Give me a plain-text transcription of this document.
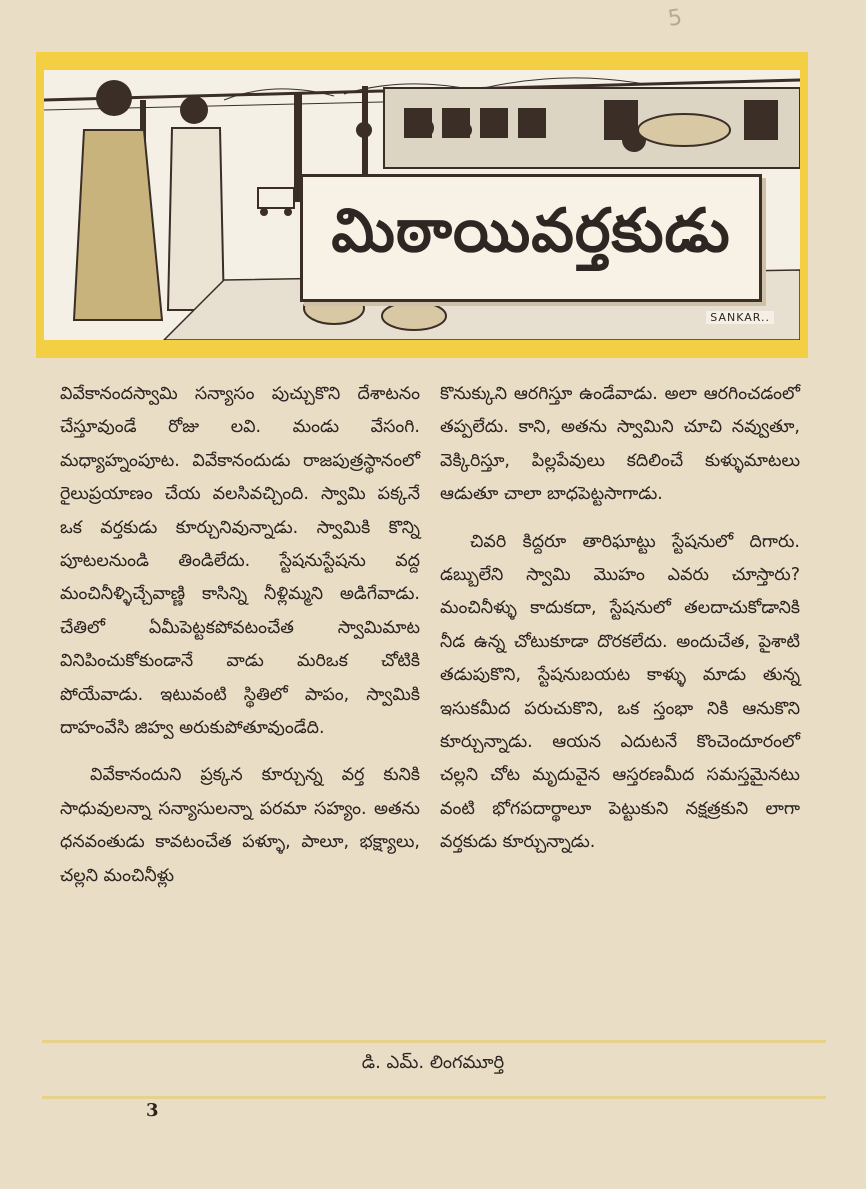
5
మిఠాయివర్తకుడు
SANKAR..

వివేకానందస్వామి సన్యాసం పుచ్చుకొని దేశాటనం చేస్తూవుండే రోజు లవి. మండు వేసంగి. మధ్యాహ్నంపూట. వివేకానందుడు రాజపుత్రస్థానంలో రైలుప్రయాణం చేయ వలసివచ్చింది. స్వామి పక్కనే ఒక వర్తకుడు కూర్చునివున్నాడు. స్వామికి కొన్ని పూటలనుండి తిండిలేదు. స్టేషనుస్టేషను వద్ద మంచినీళ్ళిచ్చేవాణ్ణి కాసిన్ని నీళ్లిమ్మని అడిగేవాడు. చేతిలో ఏమీపెట్టకపోవటంచేత స్వామిమాట వినిపించుకోకుండానే వాడు మరిఒక చోటికి పోయేవాడు. ఇటువంటి స్థితిలో పాపం, స్వామికి దాహంవేసి జిహ్వ అరుకుపోతూవుండేది.

వివేకానందుని ప్రక్కన కూర్చున్న వర్త కునికి సాధువులన్నా సన్యాసులన్నా పరమా సహ్యం. అతను ధనవంతుడు కావటంచేత పళ్ళూ, పాలూ, భక్ష్యాలు, చల్లని మంచినీళ్లు

కొనుక్కుని ఆరగిస్తూ ఉండేవాడు. అలా ఆరగించడంలో తప్పలేదు. కాని, అతను స్వామిని చూచి నవ్వుతూ, వెక్కిరిస్తూ, పిల్లపేవులు కదిలించే కుళ్ళుమాటలు ఆడుతూ చాలా బాధపెట్టసాగాడు.

చివరి కిద్దరూ తారిఘాట్టు స్టేషనులో దిగారు. డబ్బులేని స్వామి మొహం ఎవరు చూస్తారు? మంచినీళ్ళు కాదుకదా, స్టేషనులో తలదాచుకోడానికి నీడ ఉన్న చోటుకూడా దొరకలేదు. అందుచేత, పైశాటి తడుపుకొని, స్టేషనుబయట కాళ్ళు మాడు తున్న ఇసుకమీద పరుచుకొని, ఒక స్తంభా నికి ఆనుకొని కూర్చున్నాడు. ఆయన ఎదుటనే కొంచెందూరంలో చల్లని చోట మృదువైన ఆస్తరణమీద సమస్తమైనటు వంటి భోగపదార్థాలూ పెట్టుకుని నక్షత్రకుని లాగా వర్తకుడు కూర్చున్నాడు.

డి. ఎమ్. లింగమూర్తి
3
